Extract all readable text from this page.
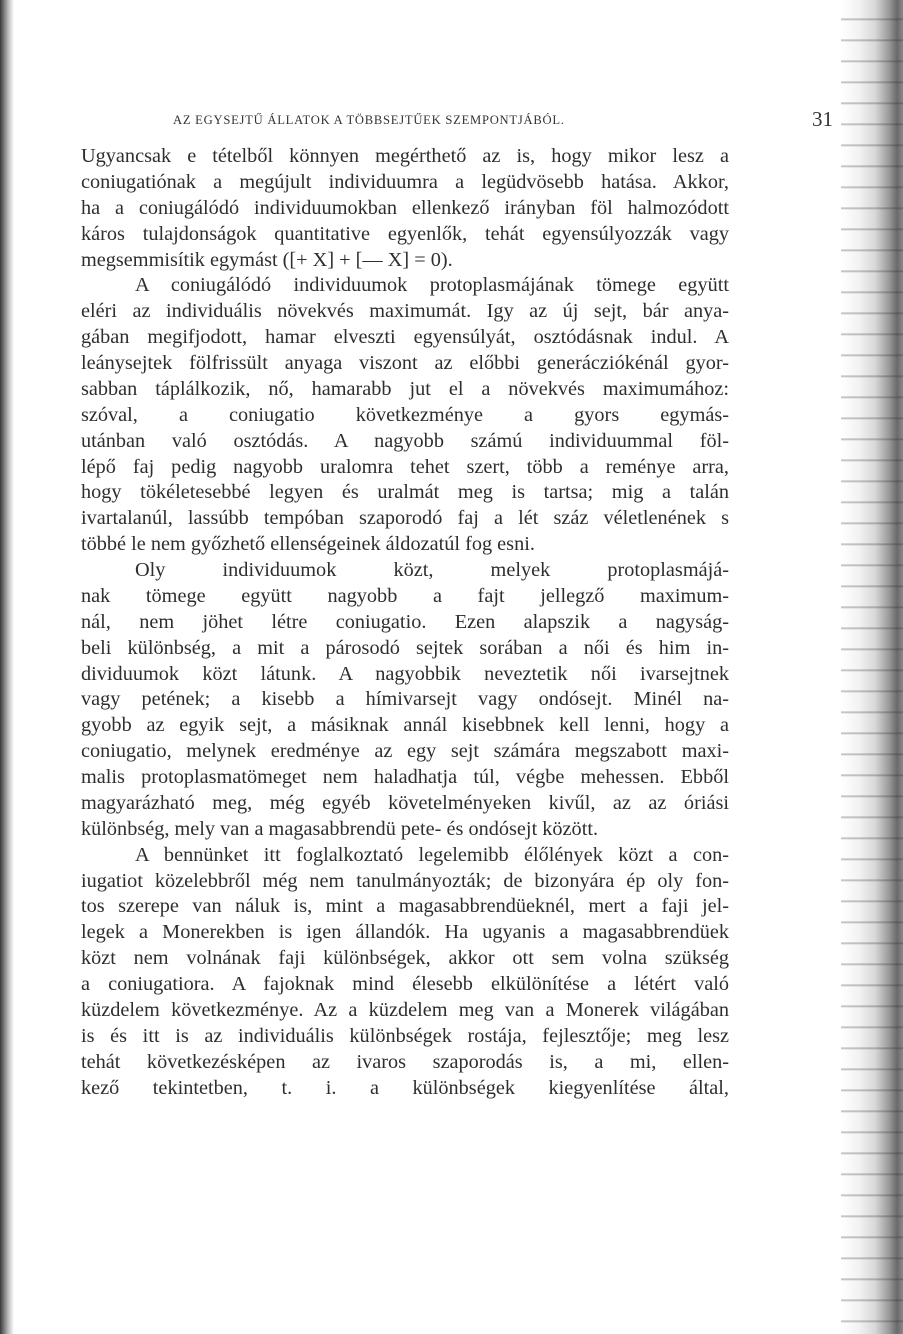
AZ EGYSEJTŰ ÁLLATOK A TÖBBSEJTŰEK SZEMPONTJÁBÓL.	31
Ugyancsak e tételből könnyen megérthető az is, hogy mikor lesz a
coniugatiónak a megújult individuumra a legüdvösebb hatása. Akkor,
ha a coniugálódó individuumokban ellenkező irányban föl halmozódott
káros tulajdonságok quantitative egyenlők, tehát egyensúlyozzák vagy
megsemmisítik egymást ([+ X] + [— X] = 0).
A coniugálódó individuumok protoplasmájának tömege együtt
eléri az individuális növekvés maximumát. Igy az új sejt, bár anya-
gában megifjodott, hamar elveszti egyensúlyát, osztódásnak indul. A
leánysejtek fölfrissült anyaga viszont az előbbi generácziókénál gyor-
sabban táplálkozik, nő, hamarabb jut el a növekvés maximumához:
szóval, a coniugatio következménye a gyors egymás-
utánban való osztódás. A nagyobb számú individuummal föl-
lépő faj pedig nagyobb uralomra tehet szert, több a reménye arra,
hogy tökéletesebbé legyen és uralmát meg is tartsa; mig a talán
ivartalanúl, lassúbb tempóban szaporodó faj a lét száz véletlenének s
többé le nem győzhető ellenségeinek áldozatúl fog esni.
Oly individuumok közt, melyek protoplasmájá-
nak tömege együtt nagyobb a fajt jellegző maximum-
nál, nem jöhet létre coniugatio. Ezen alapszik a nagyság-
beli különbség, a mit a párosodó sejtek sorában a női és him in-
dividuumok közt látunk. A nagyobbik neveztetik női ivarsejtnek
vagy petének; a kisebb a hímivarsejt vagy ondósejt. Minél na-
gyobb az egyik sejt, a másiknak annál kisebbnek kell lenni, hogy a
coniugatio, melynek eredménye az egy sejt számára megszabott maxi-
malis protoplasmatömeget nem haladhatja túl, végbe mehessen. Ebből
magyarázható meg, még egyéb követelményeken kivűl, az az óriási
különbség, mely van a magasabbrendü pete- és ondósejt között.
A bennünket itt foglalkoztató legelemibb élőlények közt a con-
iugatiot közelebbről még nem tanulmányozták; de bizonyára ép oly fon-
tos szerepe van náluk is, mint a magasabbrendüeknél, mert a faji jel-
legek a Monerekben is igen állandók. Ha ugyanis a magasabbrendüek
közt nem volnának faji különbségek, akkor ott sem volna szükség
a coniugatiora. A fajoknak mind élesebb elkülönítése a létért való
küzdelem következménye. Az a küzdelem meg van a Monerek világában
is és itt is az individuális különbségek rostája, fejlesztője; meg lesz
tehát következésképen az ivaros szaporodás is, a mi, ellen-
kező tekintetben, t. i. a különbségek kiegyenlítése által,
